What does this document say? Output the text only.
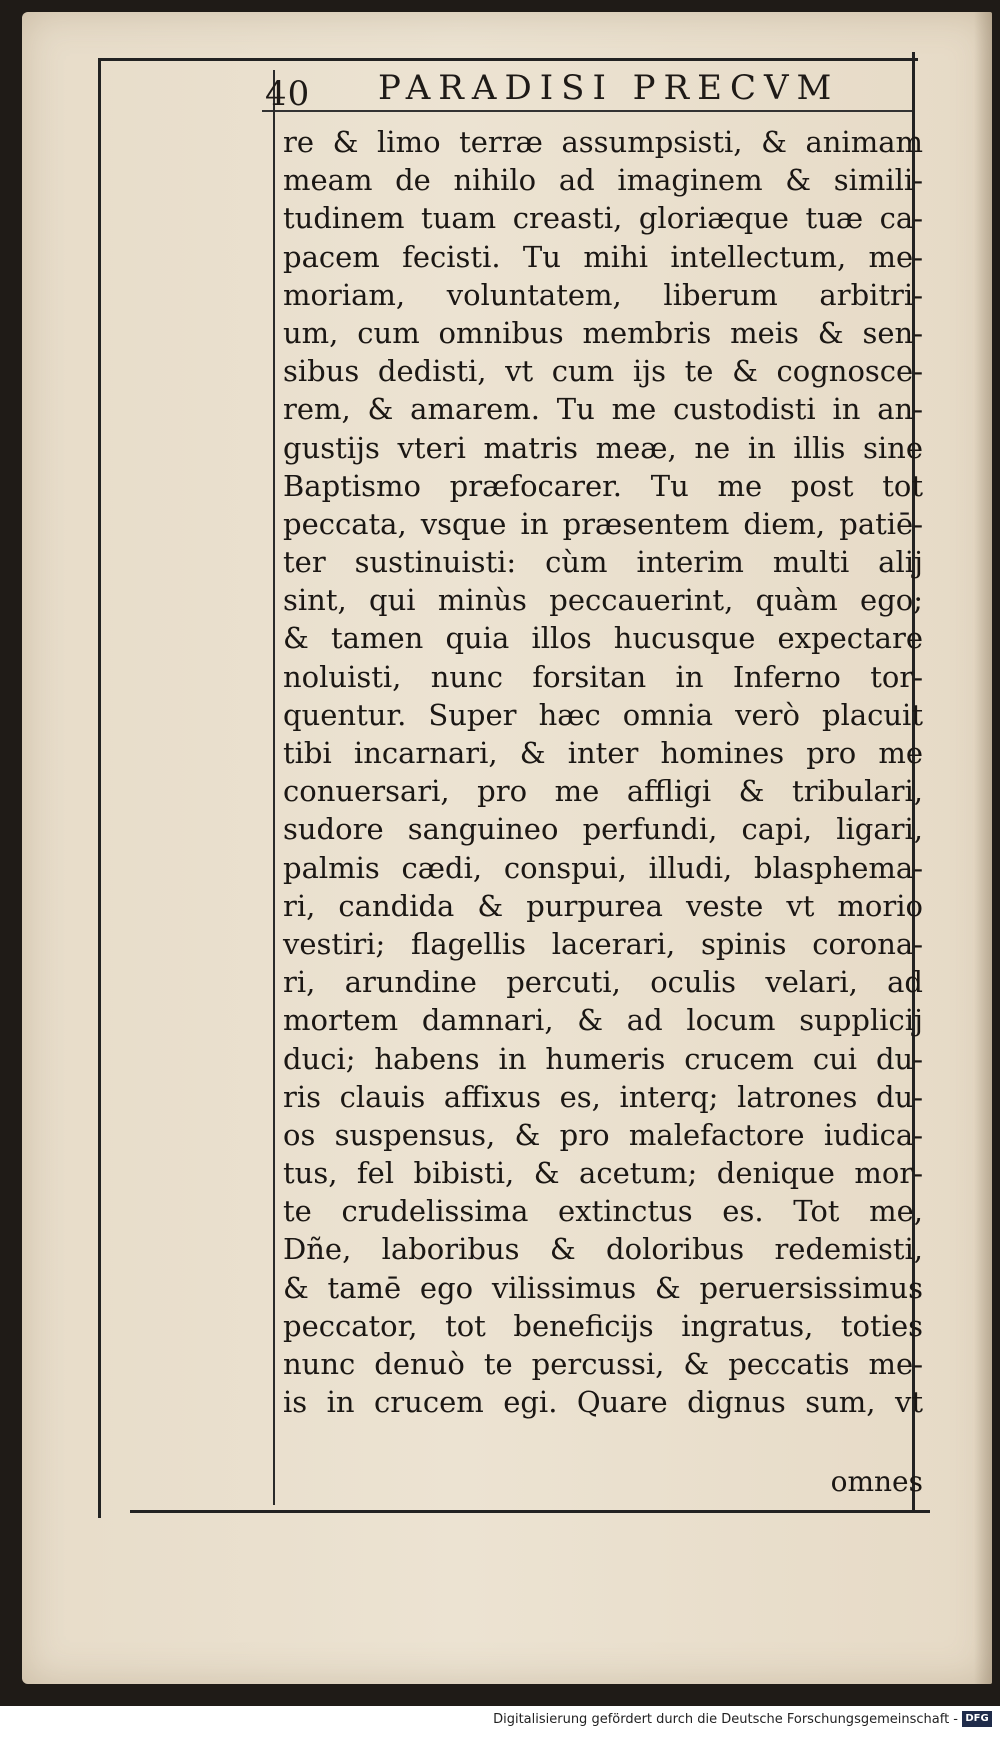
40 PARADISI PRECVM
re & limo terræ assumpsisti, & animam
meam de nihilo ad imaginem & simili-
tudinem tuam creasti, gloriæque tuæ ca-
pacem fecisti. Tu mihi intellectum, me-
moriam, voluntatem, liberum arbitri-
um, cum omnibus membris meis & sen-
sibus dedisti, vt cum ijs te & cognosce-
rem, & amarem. Tu me custodisti in an-
gustijs vteri matris meæ, ne in illis sine
Baptismo præfocarer. Tu me post tot
peccata, vsque in præsentem diem, patiē-
ter sustinuisti: cùm interim multi alij
sint, qui minùs peccauerint, quàm ego;
& tamen quia illos hucusque expectare
noluisti, nunc forsitan in Inferno tor-
quentur. Super hæc omnia verò placuit
tibi incarnari, & inter homines pro me
conuersari, pro me affligi & tribulari,
sudore sanguineo perfundi, capi, ligari,
palmis cædi, conspui, illudi, blasphema-
ri, candida & purpurea veste vt morio
vestiri; flagellis lacerari, spinis corona-
ri, arundine percuti, oculis velari, ad
mortem damnari, & ad locum supplicij
duci; habens in humeris crucem cui du-
ris clauis affixus es, interq; latrones du-
os suspensus, & pro malefactore iudica-
tus, fel bibisti, & acetum; denique mor-
te crudelissima extinctus es. Tot me,
Dñe, laboribus & doloribus redemisti,
& tamē ego vilissimus & peruersissimus
peccator, tot beneficijs ingratus, toties
nunc denuò te percussi, & peccatis me-
is in crucem egi. Quare dignus sum, vt
omnes
Digitalisierung gefördert durch die Deutsche Forschungsgemeinschaft - DFG
